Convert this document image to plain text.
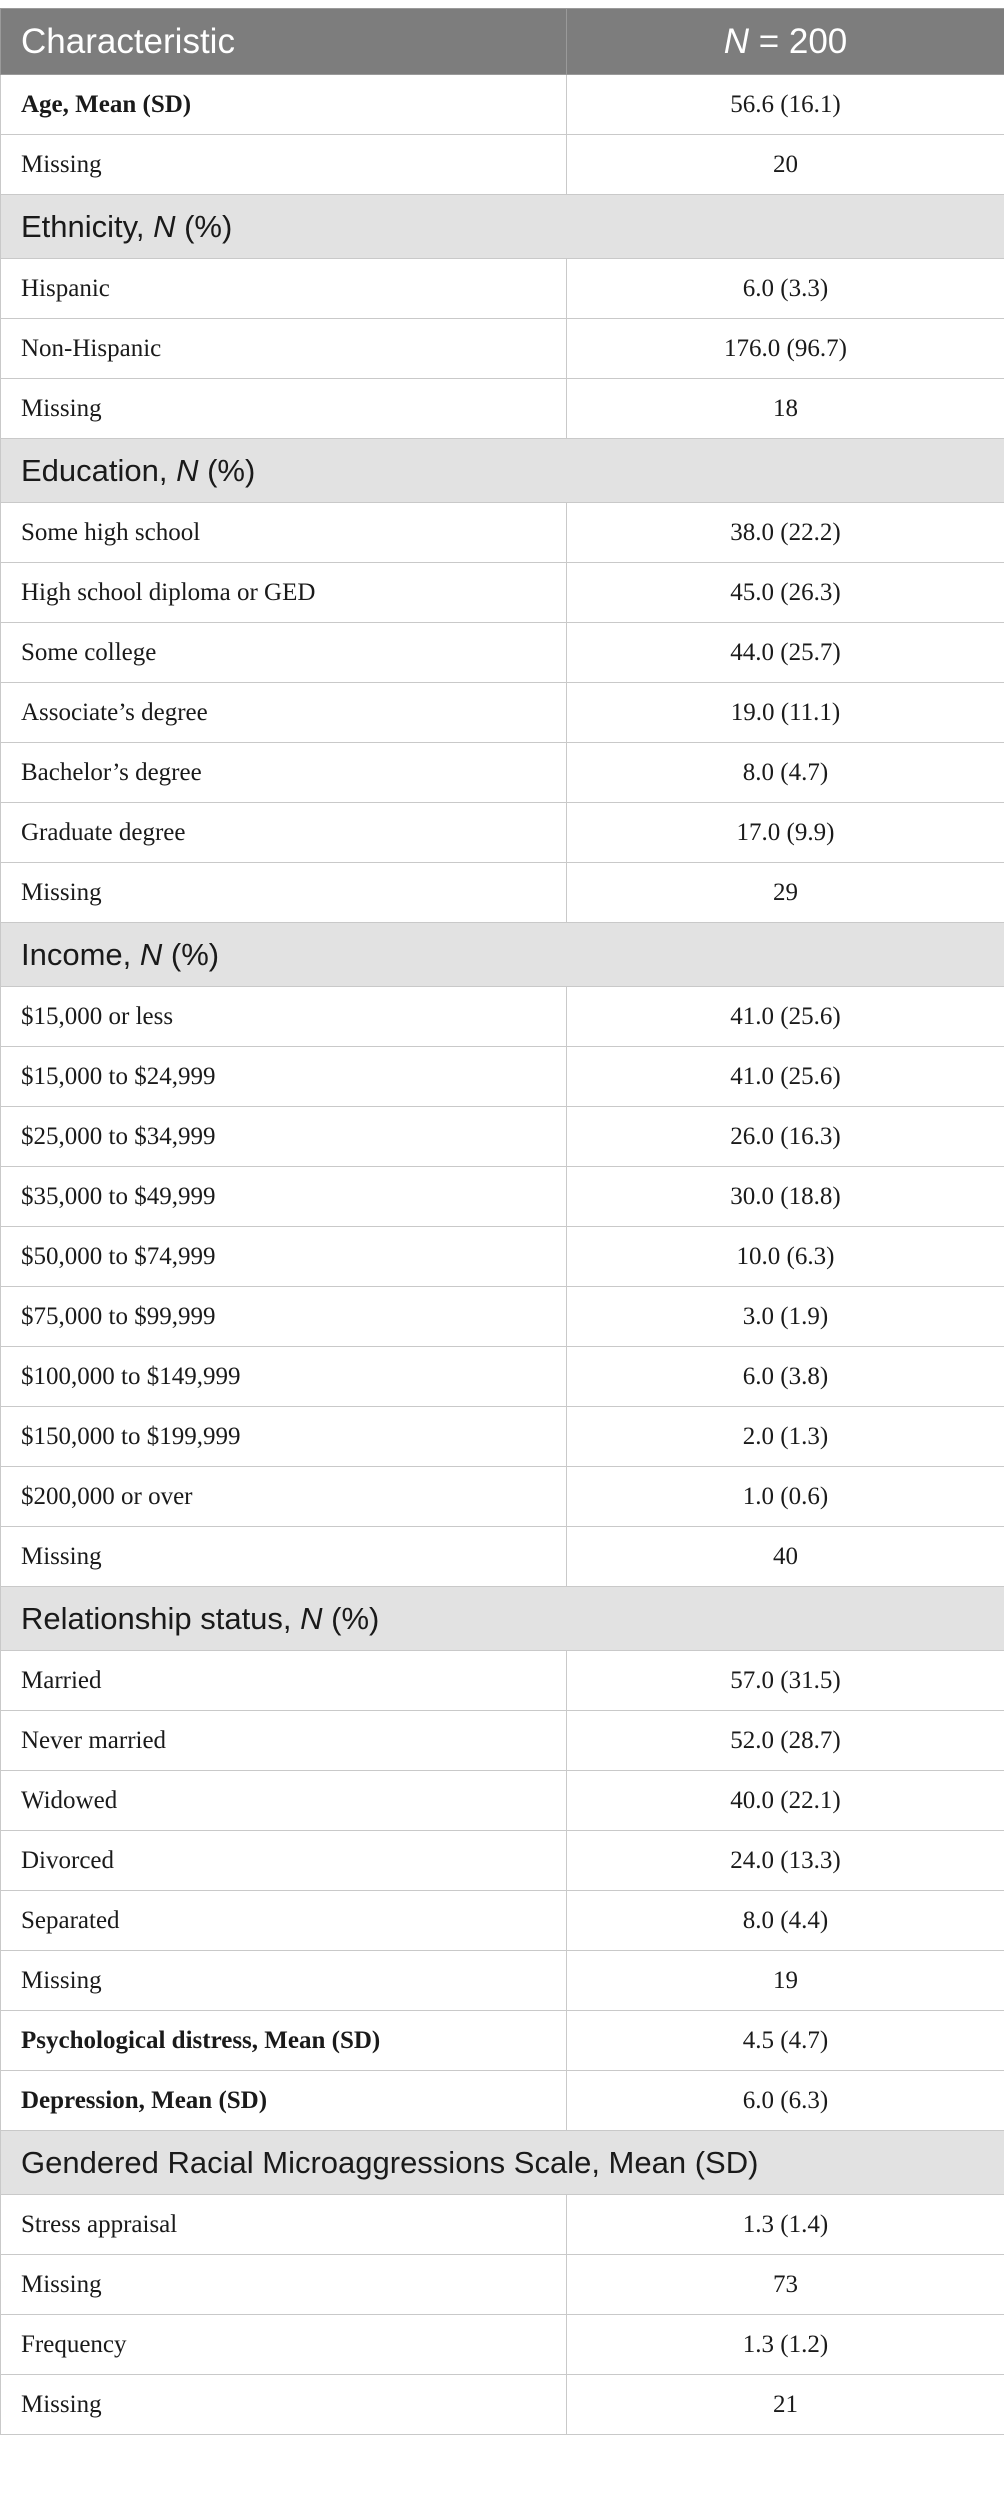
Characteristic	N = 200
Age, Mean (SD)	56.6 (16.1)
Missing	20
Ethnicity, N (%)	
Hispanic	6.0 (3.3)
Non-Hispanic	176.0 (96.7)
Missing	18
Education, N (%)	
Some high school	38.0 (22.2)
High school diploma or GED	45.0 (26.3)
Some college	44.0 (25.7)
Associate’s degree	19.0 (11.1)
Bachelor’s degree	8.0 (4.7)
Graduate degree	17.0 (9.9)
Missing	29
Income, N (%)	
$15,000 or less	41.0 (25.6)
$15,000 to $24,999	41.0 (25.6)
$25,000 to $34,999	26.0 (16.3)
$35,000 to $49,999	30.0 (18.8)
$50,000 to $74,999	10.0 (6.3)
$75,000 to $99,999	3.0 (1.9)
$100,000 to $149,999	6.0 (3.8)
$150,000 to $199,999	2.0 (1.3)
$200,000 or over	1.0 (0.6)
Missing	40
Relationship status, N (%)	
Married	57.0 (31.5)
Never married	52.0 (28.7)
Widowed	40.0 (22.1)
Divorced	24.0 (13.3)
Separated	8.0 (4.4)
Missing	19
Psychological distress, Mean (SD)	4.5 (4.7)
Depression, Mean (SD)	6.0 (6.3)
Gendered Racial Microaggressions Scale, Mean (SD)	
Stress appraisal	1.3 (1.4)
Missing	73
Frequency	1.3 (1.2)
Missing	21
